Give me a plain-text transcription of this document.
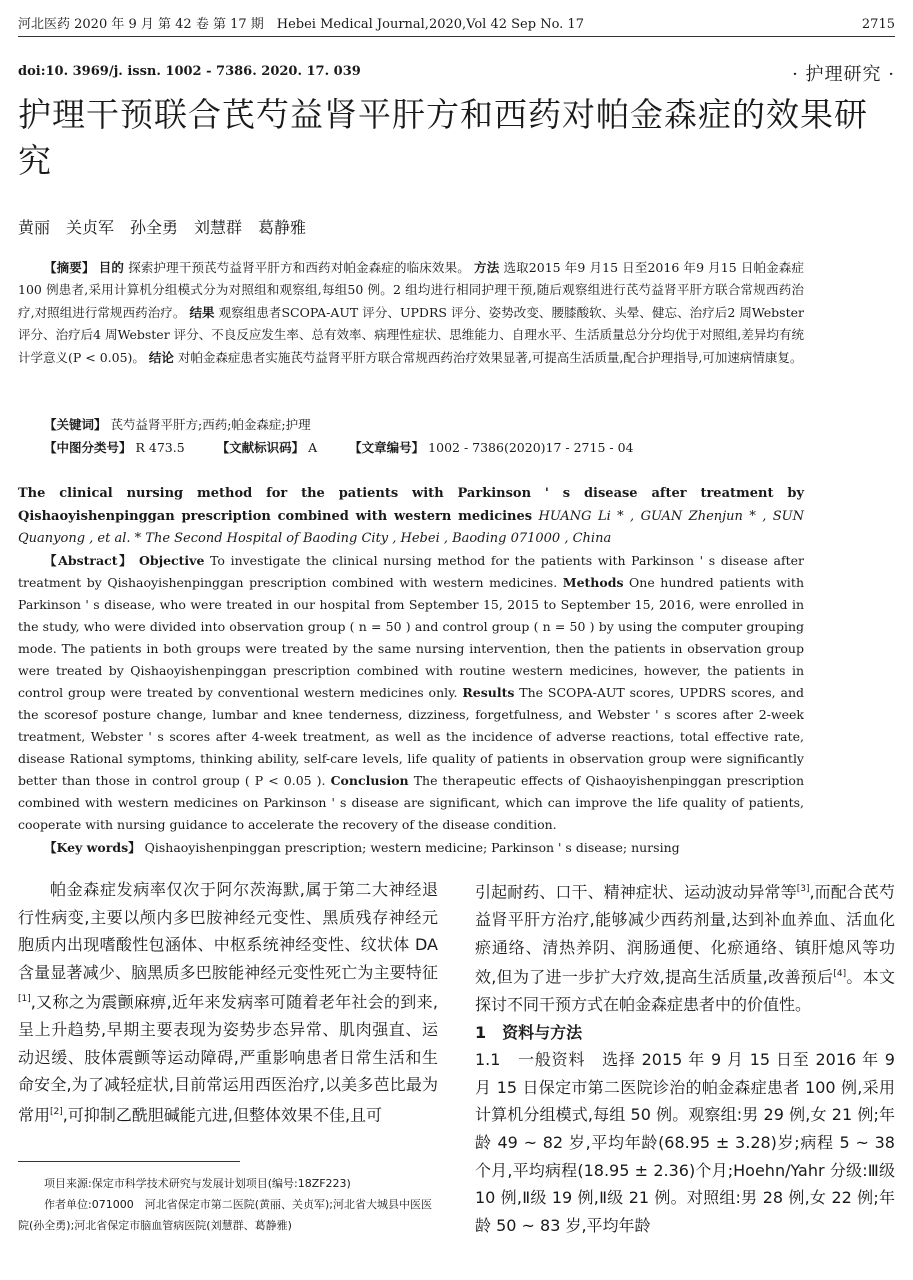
河北医药 2020 年 9 月 第 42 卷 第 17 期　Hebei Medical Journal,2020,Vol 42 Sep No. 17	2715
doi:10. 3969/j. issn. 1002 - 7386. 2020. 17. 039	· 护理研究 ·
护理干预联合芪芍益肾平肝方和西药对帕金森症的效果研究
黄丽　关贞军　孙全勇　刘慧群　葛静雅

【摘要】 目的 探索护理干预芪芍益肾平肝方和西药对帕金森症的临床效果。 方法 选取2015 年9 月15 日至2016 年9 月15 日帕金森症100 例患者,采用计算机分组模式分为对照组和观察组,每组50 例。2 组均进行相同护理干预,随后观察组进行芪芍益肾平肝方联合常规西药治疗,对照组进行常规西药治疗。 结果 观察组患者SCOPA-AUT 评分、UPDRS 评分、姿势改变、腰膝酸软、头晕、健忘、治疗后2 周Webster 评分、治疗后4 周Webster 评分、不良反应发生率、总有效率、病理性症状、思维能力、自理水平、生活质量总分分均优于对照组,差异均有统计学意义(P < 0.05)。 结论 对帕金森症患者实施芪芍益肾平肝方联合常规西药治疗效果显著,可提高生活质量,配合护理指导,可加速病情康复。

【关键词】 芪芍益肾平肝方;西药;帕金森症;护理
【中图分类号】 R 473.5	【文献标识码】 A	【文章编号】 1002 - 7386(2020)17 - 2715 - 04
The clinical nursing method for the patients with Parkinson ' s disease after treatment by Qishaoyishenpinggan prescription combined with western medicines HUANG Li * , GUAN Zhenjun * , SUN Quanyong , et al. * The Second Hospital of Baoding City , Hebei , Baoding 071000 , China

【Abstract】 Objective To investigate the clinical nursing method for the patients with Parkinson ' s disease after treatment by Qishaoyishenpinggan prescription combined with western medicines. Methods One hundred patients with Parkinson ' s disease, who were treated in our hospital from September 15, 2015 to September 15, 2016, were enrolled in the study, who were divided into observation group ( n = 50 ) and control group ( n = 50 ) by using the computer grouping mode. The patients in both groups were treated by the same nursing intervention, then the patients in observation group were treated by Qishaoyishenpinggan prescription combined with routine western medicines, however, the patients in control group were treated by conventional western medicines only. Results The SCOPA-AUT scores, UPDRS scores, and the scoresof posture change, lumbar and knee tenderness, dizziness, forgetfulness, and Webster ' s scores after 2-week treatment, Webster ' s scores after 4-week treatment, as well as the incidence of adverse reactions, total effective rate, disease Rational symptoms, thinking ability, self-care levels, life quality of patients in observation group were significantly better than those in control group ( P < 0.05 ). Conclusion The therapeutic effects of Qishaoyishenpinggan prescription combined with western medicines on Parkinson ' s disease are significant, which can improve the life quality of patients, cooperate with nursing guidance to accelerate the recovery of the disease condition.

【Key words】 Qishaoyishenpinggan prescription; western medicine; Parkinson ' s disease; nursing

帕金森症发病率仅次于阿尔茨海默,属于第二大神经退行性病变,主要以颅内多巴胺神经元变性、黑质残存神经元胞质内出现嗜酸性包涵体、中枢系统神经变性、纹状体 DA 含量显著减少、脑黑质多巴胺能神经元变性死亡为主要特征[1],又称之为震颤麻痹,近年来发病率可随着老年社会的到来,呈上升趋势,早期主要表现为姿势步态异常、肌肉强直、运动迟缓、肢体震颤等运动障碍,严重影响患者日常生活和生命安全,为了减轻症状,目前常运用西医治疗,以美多芭比最为常用[2],可抑制乙酰胆碱能亢进,但整体效果不佳,且可

引起耐药、口干、精神症状、运动波动异常等[3],而配合芪芍益肾平肝方治疗,能够减少西药剂量,达到补血养血、活血化瘀通络、清热养阴、润肠通便、化瘀通络、镇肝熄风等功效,但为了进一步扩大疗效,提高生活质量,改善预后[4]。本文探讨不同干预方式在帕金森症患者中的价值性。

1　资料与方法

1.1　一般资料　选择 2015 年 9 月 15 日至 2016 年 9 月 15 日保定市第二医院诊治的帕金森症患者 100 例,采用计算机分组模式,每组 50 例。观察组:男 29 例,女 21 例;年龄 49 ~ 82 岁,平均年龄(68.95 ± 3.28)岁;病程 5 ~ 38 个月,平均病程(18.95 ± 2.36)个月;Hoehn/Yahr 分级:Ⅲ级 10 例,Ⅱ级 19 例,Ⅱ级 21 例。对照组:男 28 例,女 22 例;年龄 50 ~ 83 岁,平均年龄

项目来源:保定市科学技术研究与发展计划项目(编号:18ZF223)

作者单位:071000　河北省保定市第二医院(黄丽、关贞军);河北省大城县中医医院(孙全勇);河北省保定市脑血管病医院(刘慧群、葛静雅)
